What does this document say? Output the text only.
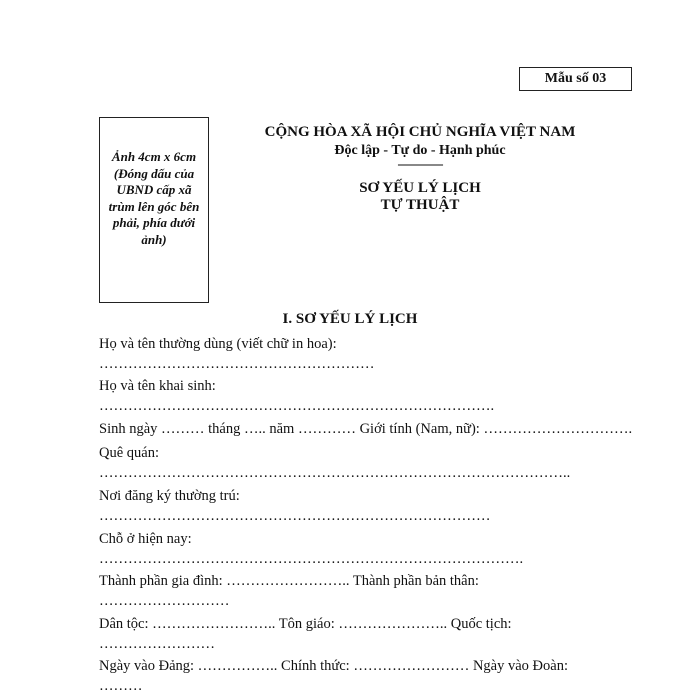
Mẫu số 03
Ảnh 4cm x 6cm
(Đóng dấu của
UBND cấp xã
trùm lên góc bên
phải, phía dưới
ảnh)
CỘNG HÒA XÃ HỘI CHỦ NGHĨA VIỆT NAM
Độc lập - Tự do - Hạnh phúc
---------------
SƠ YẾU LÝ LỊCH
TỰ THUẬT
I. SƠ YẾU LÝ LỊCH
Họ và tên thường dùng (viết chữ in hoa):
…………………………………………………
Họ và tên khai sinh:
……………………………………………………………………….
Sinh ngày ……… tháng ….. năm ………… Giới tính (Nam, nữ): ………………………….
Quê quán:
……………………………………………………………………………………..
Nơi đăng ký thường trú:
………………………………………………………………………
Chỗ ở hiện nay:
…………………………………………………………………………….
Thành phần gia đình: …………………….. Thành phần bản thân:
………………………
Dân tộc: …………………….. Tôn giáo: ………………….. Quốc tịch:
……………………
Ngày vào Đảng: …………….. Chính thức: …………………… Ngày vào Đoàn:
………
